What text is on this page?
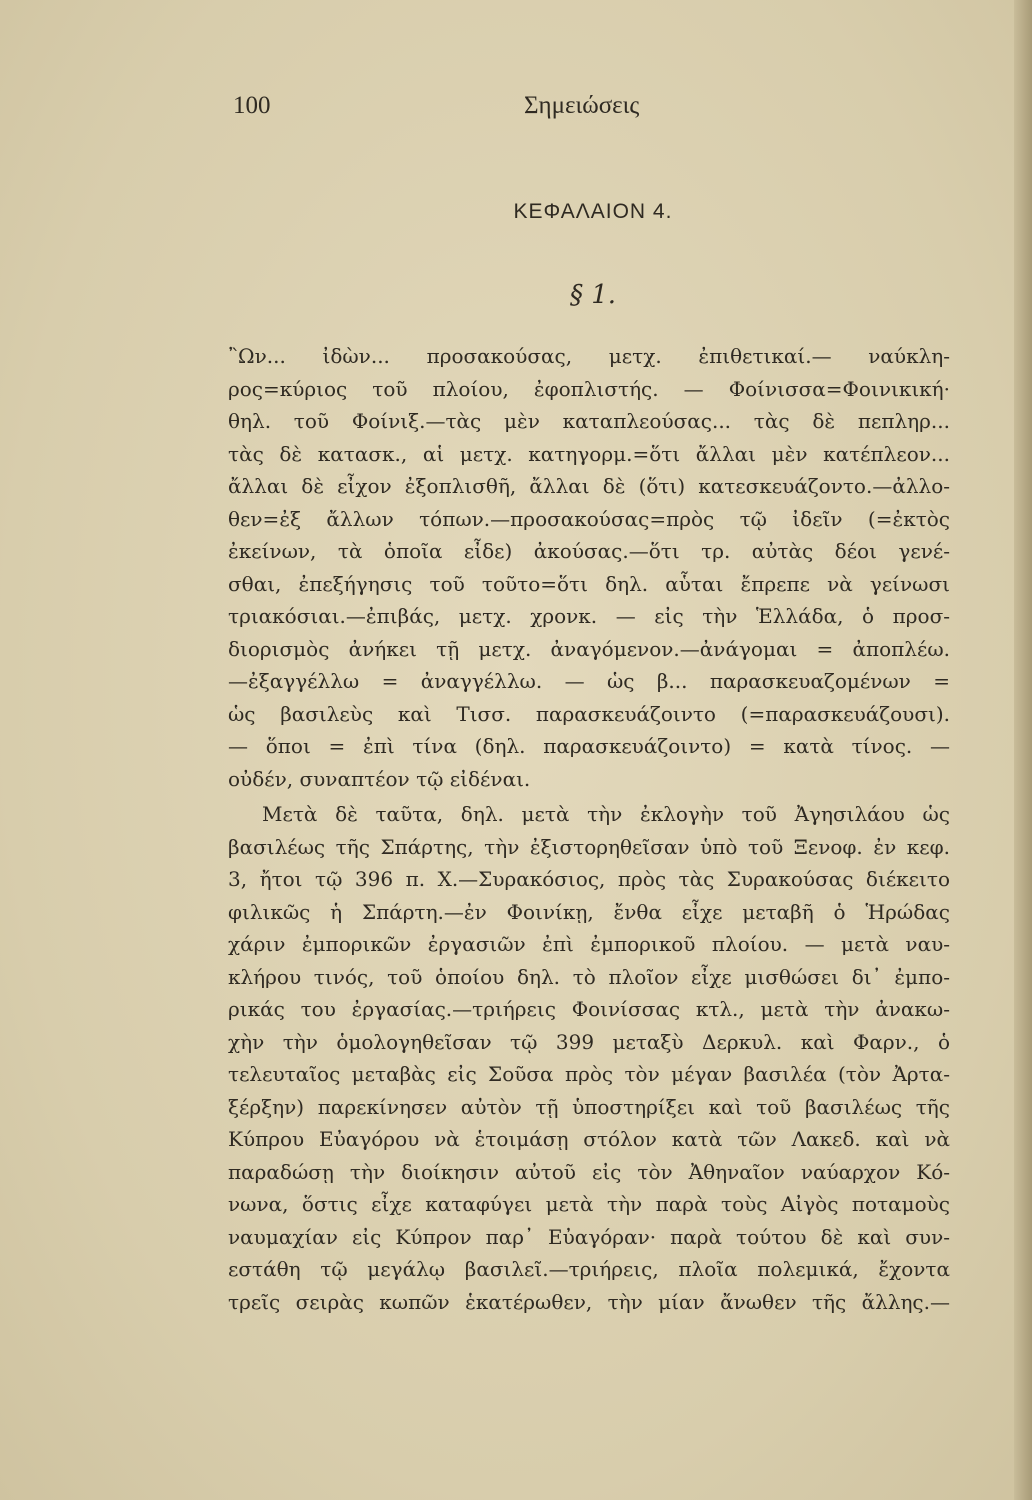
100	Σημειώσεις
ΚΕΦΑΛΑΙΟΝ 4.
§ 1.
῍Ων... ἰδὼν... προσακούσας, μετχ. ἐπιθετικαί.— ναύκλη-
ρος=κύριος τοῦ πλοίου, ἐφοπλιστής. — Φοίνισσα=Φοινικική·
θηλ. τοῦ Φοίνιξ.—τὰς μὲν καταπλεούσας... τὰς δὲ πεπληρ...
τὰς δὲ κατασκ., αἱ μετχ. κατηγορμ.=ὅτι ἄλλαι μὲν κατέπλεον...
ἄλλαι δὲ εἶχον ἐξοπλισθῆ, ἄλλαι δὲ (ὅτι) κατεσκευάζοντο.—ἀλλο-
θεν=ἐξ ἄλλων τόπων.—προσακούσας=πρὸς τῷ ἰδεῖν (=ἐκτὸς
ἐκείνων, τὰ ὁποῖα εἶδε) ἀκούσας.—ὅτι τρ. αὐτὰς δέοι γενέ-
σθαι, ἐπεξήγησις τοῦ τοῦτο=ὅτι δηλ. αὗται ἔπρεπε νὰ γείνωσι
τριακόσιαι.—ἐπιβάς, μετχ. χρονκ. — εἰς τὴν Ἑλλάδα, ὁ προσ-
διορισμὸς ἀνήκει τῇ μετχ. ἀναγόμενον.—ἀνάγομαι = ἀποπλέω.
—ἐξαγγέλλω = ἀναγγέλλω. — ὡς β... παρασκευαζομένων =
ὡς βασιλεὺς καὶ Τισσ. παρασκευάζοιντο (=παρασκευάζουσι).
— ὅποι = ἐπὶ τίνα (δηλ. παρασκευάζοιντο) = κατὰ τίνος. —
οὐδέν, συναπτέον τῷ εἰδέναι.
Μετὰ δὲ ταῦτα, δηλ. μετὰ τὴν ἐκλογὴν τοῦ Ἀγησιλάου ὡς
βασιλέως τῆς Σπάρτης, τὴν ἐξιστορηθεῖσαν ὑπὸ τοῦ Ξενοφ. ἐν κεφ.
3, ἤτοι τῷ 396 π. Χ.—Συρακόσιος, πρὸς τὰς Συρακούσας διέκειτο
φιλικῶς ἡ Σπάρτη.—ἐν Φοινίκῃ, ἔνθα εἶχε μεταβῆ ὁ Ἡρώδας
χάριν ἐμπορικῶν ἐργασιῶν ἐπὶ ἐμπορικοῦ πλοίου. — μετὰ ναυ-
κλήρου τινός, τοῦ ὁποίου δηλ. τὸ πλοῖον εἶχε μισθώσει δι᾽ ἐμπο-
ρικάς του ἐργασίας.—τριήρεις Φοινίσσας κτλ., μετὰ τὴν ἀνακω-
χὴν τὴν ὁμολογηθεῖσαν τῷ 399 μεταξὺ Δερκυλ. καὶ Φαρν., ὁ
τελευταῖος μεταβὰς εἰς Σοῦσα πρὸς τὸν μέγαν βασιλέα (τὸν Ἀρτα-
ξέρξην) παρεκίνησεν αὐτὸν τῇ ὑποστηρίξει καὶ τοῦ βασιλέως τῆς
Κύπρου Εὐαγόρου νὰ ἑτοιμάσῃ στόλον κατὰ τῶν Λακεδ. καὶ νὰ
παραδώσῃ τὴν διοίκησιν αὐτοῦ εἰς τὸν Ἀθηναῖον ναύαρχον Κό-
νωνα, ὅστις εἶχε καταφύγει μετὰ τὴν παρὰ τοὺς Αἰγὸς ποταμοὺς
ναυμαχίαν εἰς Κύπρον παρ᾽ Εὐαγόραν· παρὰ τούτου δὲ καὶ συν-
εστάθη τῷ μεγάλῳ βασιλεῖ.—τριήρεις, πλοῖα πολεμικά, ἔχοντα
τρεῖς σειρὰς κωπῶν ἑκατέρωθεν, τὴν μίαν ἄνωθεν τῆς ἄλλης.—
